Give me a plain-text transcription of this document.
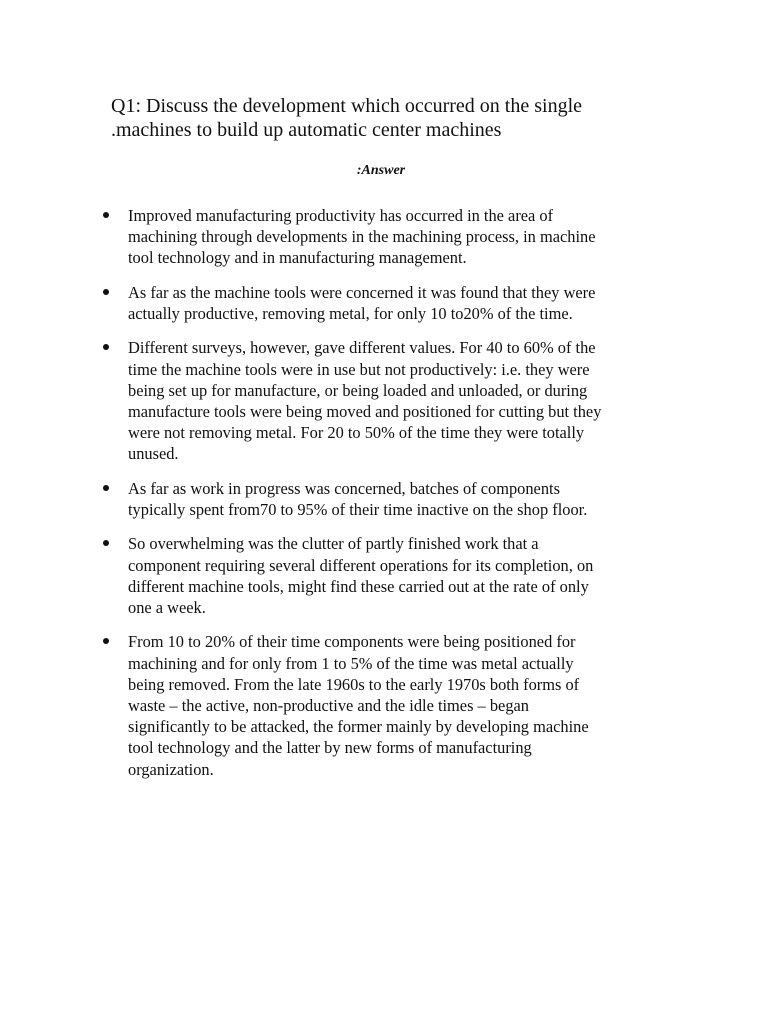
Q1: Discuss the development which occurred on the single
.machines to build up automatic center machines

:Answer

Improved manufacturing productivity has occurred in the area of
machining through developments in the machining process, in machine
tool technology and in manufacturing management.
As far as the machine tools were concerned it was found that they were
actually productive, removing metal, for only 10 to20% of the time.
Different surveys, however, gave different values. For 40 to 60% of the
time the machine tools were in use but not productively: i.e. they were
being set up for manufacture, or being loaded and unloaded, or during
manufacture tools were being moved and positioned for cutting but they
were not removing metal. For 20 to 50% of the time they were totally
unused.
As far as work in progress was concerned, batches of components
typically spent from70 to 95% of their time inactive on the shop floor.
So overwhelming was the clutter of partly finished work that a
component requiring several different operations for its completion, on
different machine tools, might find these carried out at the rate of only
one a week.
From 10 to 20% of their time components were being positioned for
machining and for only from 1 to 5% of the time was metal actually
being removed. From the late 1960s to the early 1970s both forms of
waste – the active, non-productive and the idle times – began
significantly to be attacked, the former mainly by developing machine
tool technology and the latter by new forms of manufacturing
organization.
